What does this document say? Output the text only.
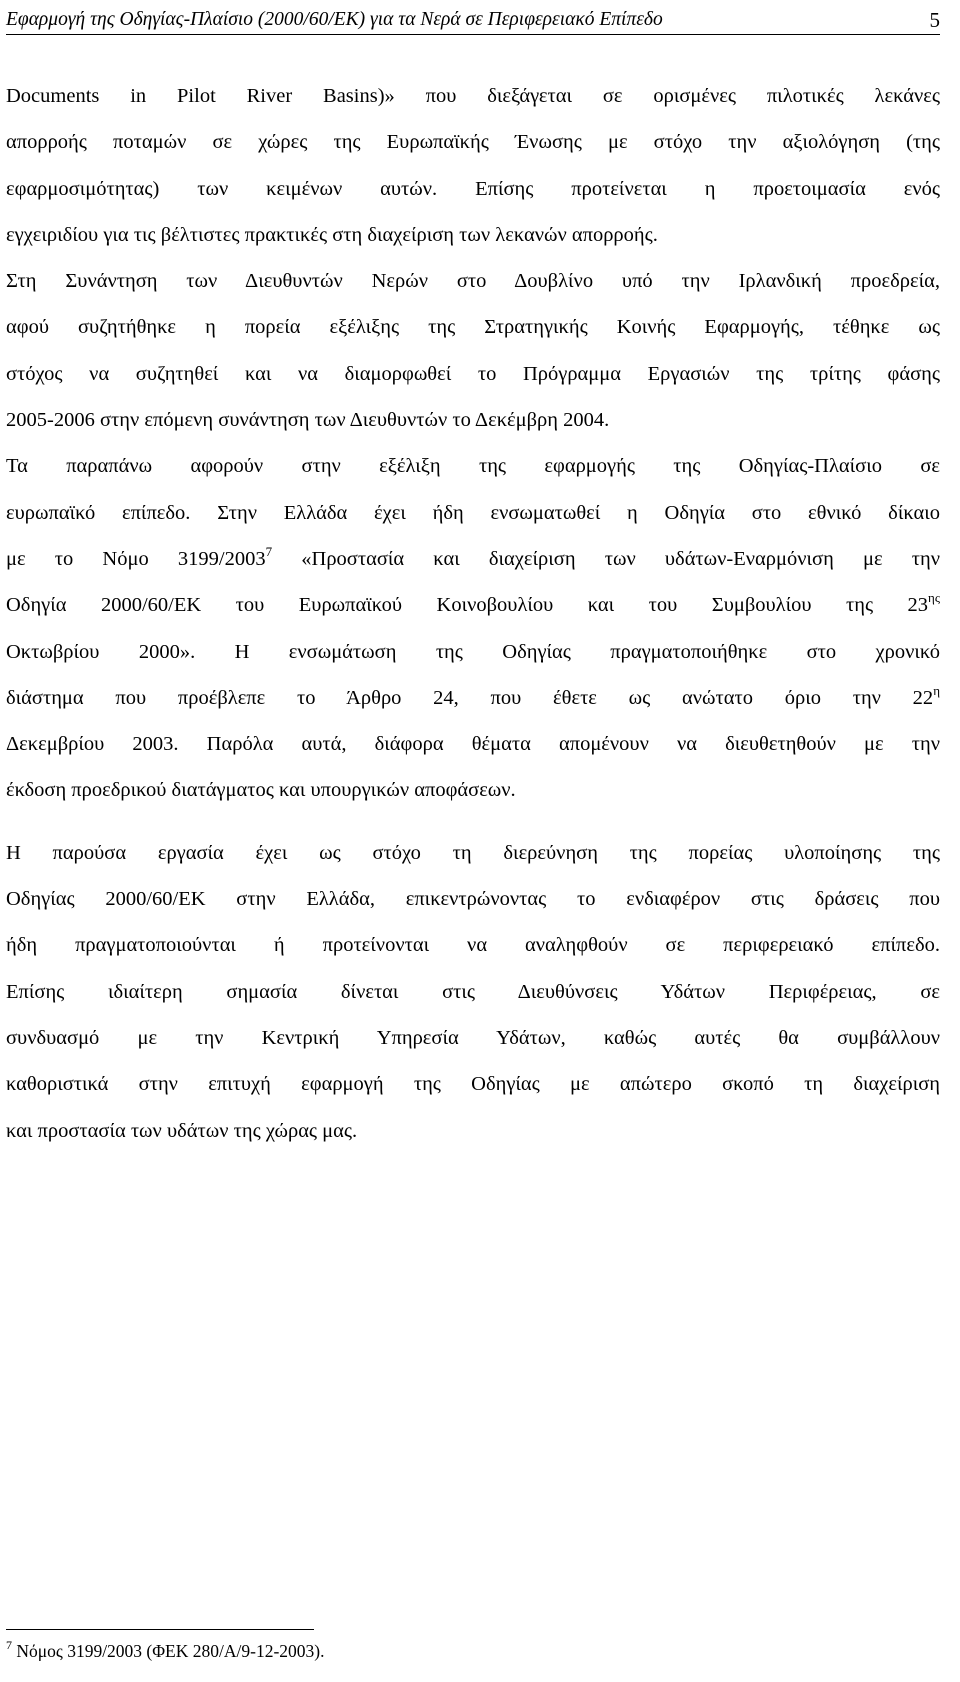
Εφαρμογή της Οδηγίας-Πλαίσιο (2000/60/ΕΚ) για τα Νερά σε Περιφερειακό Επίπεδο	5
Documents in Pilot River Basins)» που διεξάγεται σε ορισμένες πιλοτικές λεκάνες
απορροής ποταμών σε χώρες της Ευρωπαϊκής Ένωσης με στόχο την αξιολόγηση (της
εφαρμοσιμότητας) των κειμένων αυτών. Επίσης προτείνεται η προετοιμασία ενός
εγχειριδίου για τις βέλτιστες πρακτικές στη διαχείριση των λεκανών απορροής.
Στη Συνάντηση των Διευθυντών Νερών στο Δουβλίνο υπό την Ιρλανδική προεδρεία,
αφού συζητήθηκε η πορεία εξέλιξης της Στρατηγικής Κοινής Εφαρμογής, τέθηκε ως
στόχος να συζητηθεί και να διαμορφωθεί το Πρόγραμμα Εργασιών της τρίτης φάσης
2005-2006 στην επόμενη συνάντηση των Διευθυντών το Δεκέμβρη 2004.
Τα παραπάνω αφορούν στην εξέλιξη της εφαρμογής της Οδηγίας-Πλαίσιο σε
ευρωπαϊκό επίπεδο. Στην Ελλάδα έχει ήδη ενσωματωθεί η Οδηγία στο εθνικό δίκαιο
με το Νόμο 3199/2003$^7$ «Προστασία και διαχείριση των υδάτων-Εναρμόνιση με την
Οδηγία 2000/60/ΕΚ του Ευρωπαϊκού Κοινοβουλίου και του Συμβουλίου της $23^{\eta\varsigma}$
Οκτωβρίου 2000». Η ενσωμάτωση της Οδηγίας πραγματοποιήθηκε στο χρονικό
διάστημα που προέβλεπε το Άρθρο 24, που έθετε ως ανώτατο όριο την $22^\eta$
Δεκεμβρίου 2003. Παρόλα αυτά, διάφορα θέματα απομένουν να διευθετηθούν με την
έκδοση προεδρικού διατάγματος και υπουργικών αποφάσεων.
Η παρούσα εργασία έχει ως στόχο τη διερεύνηση της πορείας υλοποίησης της
Οδηγίας 2000/60/ΕΚ στην Ελλάδα, επικεντρώνοντας το ενδιαφέρον στις δράσεις που
ήδη πραγματοποιούνται ή προτείνονται να αναληφθούν σε περιφερειακό επίπεδο.
Επίσης ιδιαίτερη σημασία δίνεται στις Διευθύνσεις Υδάτων Περιφέρειας, σε
συνδυασμό με την Κεντρική Υπηρεσία Υδάτων, καθώς αυτές θα συμβάλλουν
καθοριστικά στην επιτυχή εφαρμογή της Οδηγίας με απώτερο σκοπό τη διαχείριση
και προστασία των υδάτων της χώρας μας.
$^7$ Νόμος 3199/2003 (ΦΕΚ 280/Α/9-12-2003).
